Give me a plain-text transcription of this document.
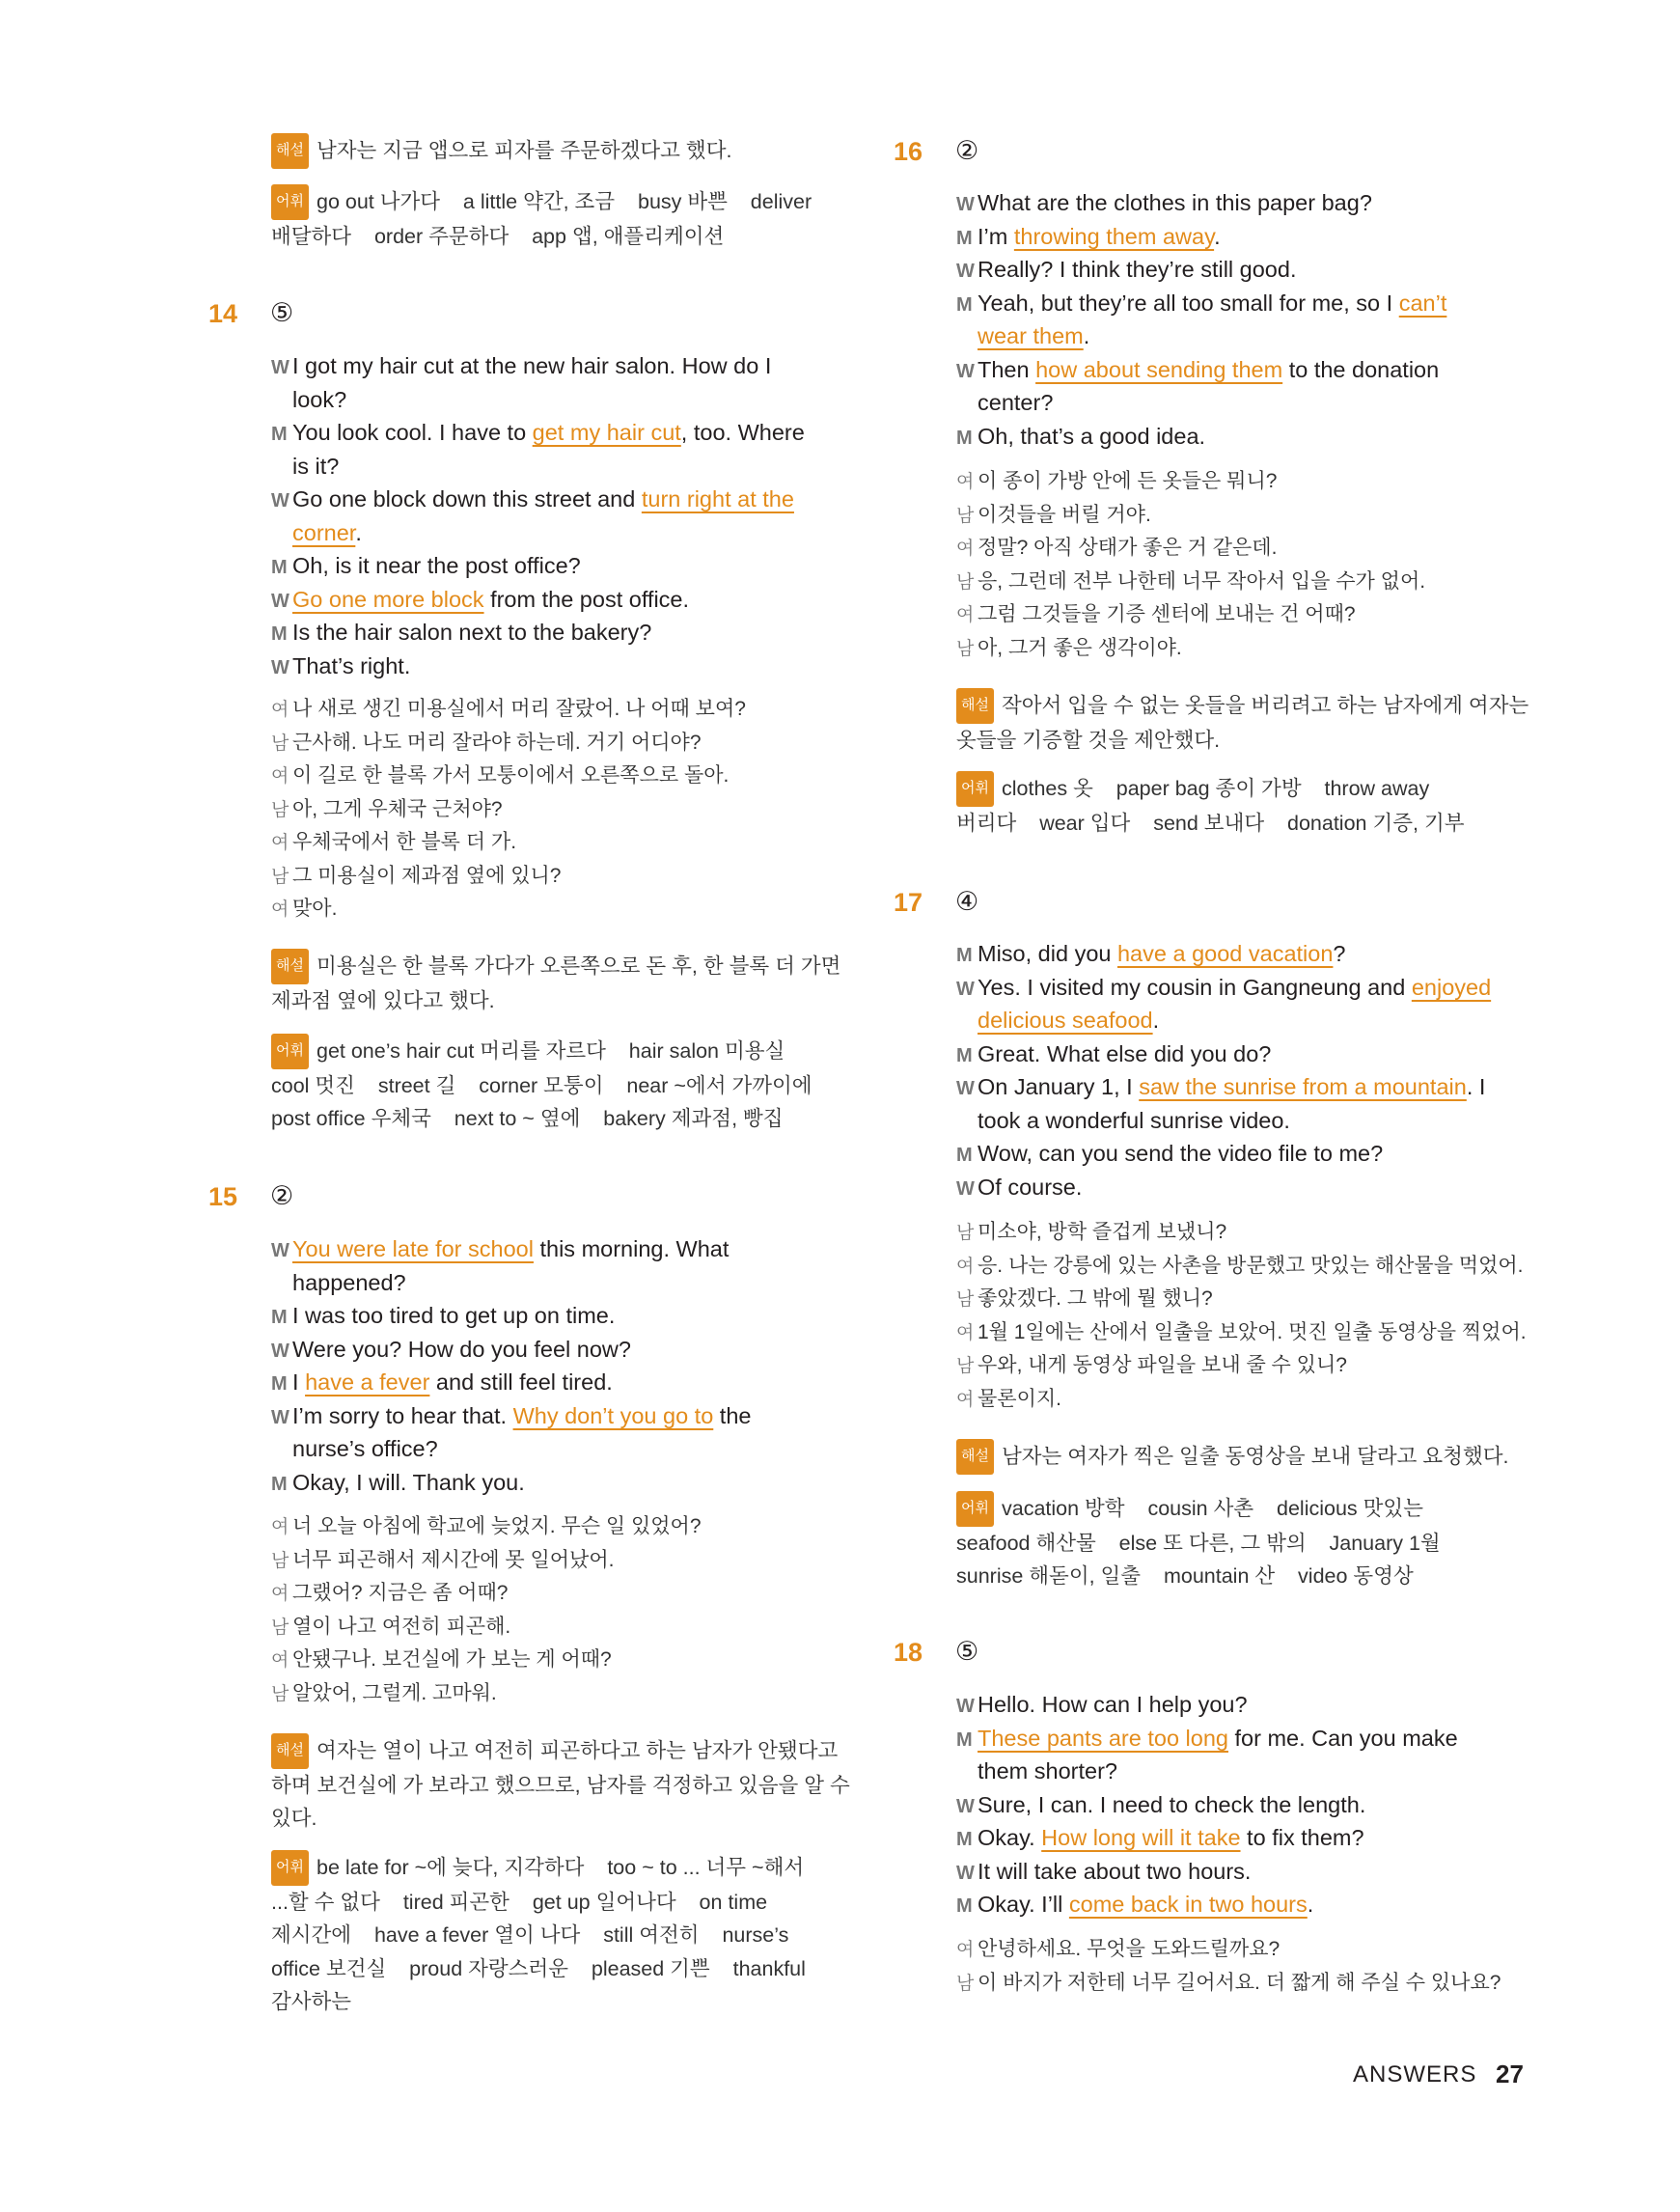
해설 남자는 지금 앱으로 피자를 주문하겠다고 했다.
어휘 go out 나가다    a little 약간, 조금    busy 바쁜    deliver
배달하다    order 주문하다    app 앱, 애플리케이션
14 ⑤
W I got my hair cut at the new hair salon. How do I
look?
M You look cool. I have to get my hair cut, too. Where
is it?
W Go one block down this street and turn right at the
corner.
M Oh, is it near the post office?
W Go one more block from the post office.
M Is the hair salon next to the bakery?
W That’s right.
여 나 새로 생긴 미용실에서 머리 잘랐어. 나 어때 보여?
남 근사해. 나도 머리 잘라야 하는데. 거기 어디야?
여 이 길로 한 블록 가서 모퉁이에서 오른쪽으로 돌아.
남 아, 그게 우체국 근처야?
여 우체국에서 한 블록 더 가.
남 그 미용실이 제과점 옆에 있니?
여 맞아.
해설 미용실은 한 블록 가다가 오른쪽으로 돈 후, 한 블록 더 가면
제과점 옆에 있다고 했다.
어휘 get one’s hair cut 머리를 자르다    hair salon 미용실
cool 멋진    street 길    corner 모퉁이    near ~에서 가까이에
post office 우체국    next to ~ 옆에    bakery 제과점, 빵집
15 ②
W You were late for school this morning. What
happened?
M I was too tired to get up on time.
W Were you? How do you feel now?
M I have a fever and still feel tired.
W I’m sorry to hear that. Why don’t you go to the
nurse’s office?
M Okay, I will. Thank you.
여 너 오늘 아침에 학교에 늦었지. 무슨 일 있었어?
남 너무 피곤해서 제시간에 못 일어났어.
여 그랬어? 지금은 좀 어때?
남 열이 나고 여전히 피곤해.
여 안됐구나. 보건실에 가 보는 게 어때?
남 알았어, 그럴게. 고마워.
해설 여자는 열이 나고 여전히 피곤하다고 하는 남자가 안됐다고
하며 보건실에 가 보라고 했으므로, 남자를 걱정하고 있음을 알 수
있다.
어휘 be late for ~에 늦다, 지각하다    too ~ to ... 너무 ~해서
...할 수 없다    tired 피곤한    get up 일어나다    on time
제시간에    have a fever 열이 나다    still 여전히    nurse’s
office 보건실    proud 자랑스러운    pleased 기쁜    thankful
감사하는
16 ②
W What are the clothes in this paper bag?
M I’m throwing them away.
W Really? I think they’re still good.
M Yeah, but they’re all too small for me, so I can’t
wear them.
W Then how about sending them to the donation
center?
M Oh, that’s a good idea.
여 이 종이 가방 안에 든 옷들은 뭐니?
남 이것들을 버릴 거야.
여 정말? 아직 상태가 좋은 거 같은데.
남 응, 그런데 전부 나한테 너무 작아서 입을 수가 없어.
여 그럼 그것들을 기증 센터에 보내는 건 어때?
남 아, 그거 좋은 생각이야.
해설 작아서 입을 수 없는 옷들을 버리려고 하는 남자에게 여자는
옷들을 기증할 것을 제안했다.
어휘 clothes 옷    paper bag 종이 가방    throw away
버리다    wear 입다    send 보내다    donation 기증, 기부
17 ④
M Miso, did you have a good vacation?
W Yes. I visited my cousin in Gangneung and enjoyed
delicious seafood.
M Great. What else did you do?
W On January 1, I saw the sunrise from a mountain. I
took a wonderful sunrise video.
M Wow, can you send the video file to me?
W Of course.
남 미소야, 방학 즐겁게 보냈니?
여 응. 나는 강릉에 있는 사촌을 방문했고 맛있는 해산물을 먹었어.
남 좋았겠다. 그 밖에 뭘 했니?
여 1월 1일에는 산에서 일출을 보았어. 멋진 일출 동영상을 찍었어.
남 우와, 내게 동영상 파일을 보내 줄 수 있니?
여 물론이지.
해설 남자는 여자가 찍은 일출 동영상을 보내 달라고 요청했다.
어휘 vacation 방학    cousin 사촌    delicious 맛있는
seafood 해산물    else 또 다른, 그 밖의    January 1월
sunrise 해돋이, 일출    mountain 산    video 동영상
18 ⑤
W Hello. How can I help you?
M These pants are too long for me. Can you make
them shorter?
W Sure, I can. I need to check the length.
M Okay. How long will it take to fix them?
W It will take about two hours.
M Okay. I’ll come back in two hours.
여 안녕하세요. 무엇을 도와드릴까요?
남 이 바지가 저한테 너무 길어서요. 더 짧게 해 주실 수 있나요?
ANSWERS 27
